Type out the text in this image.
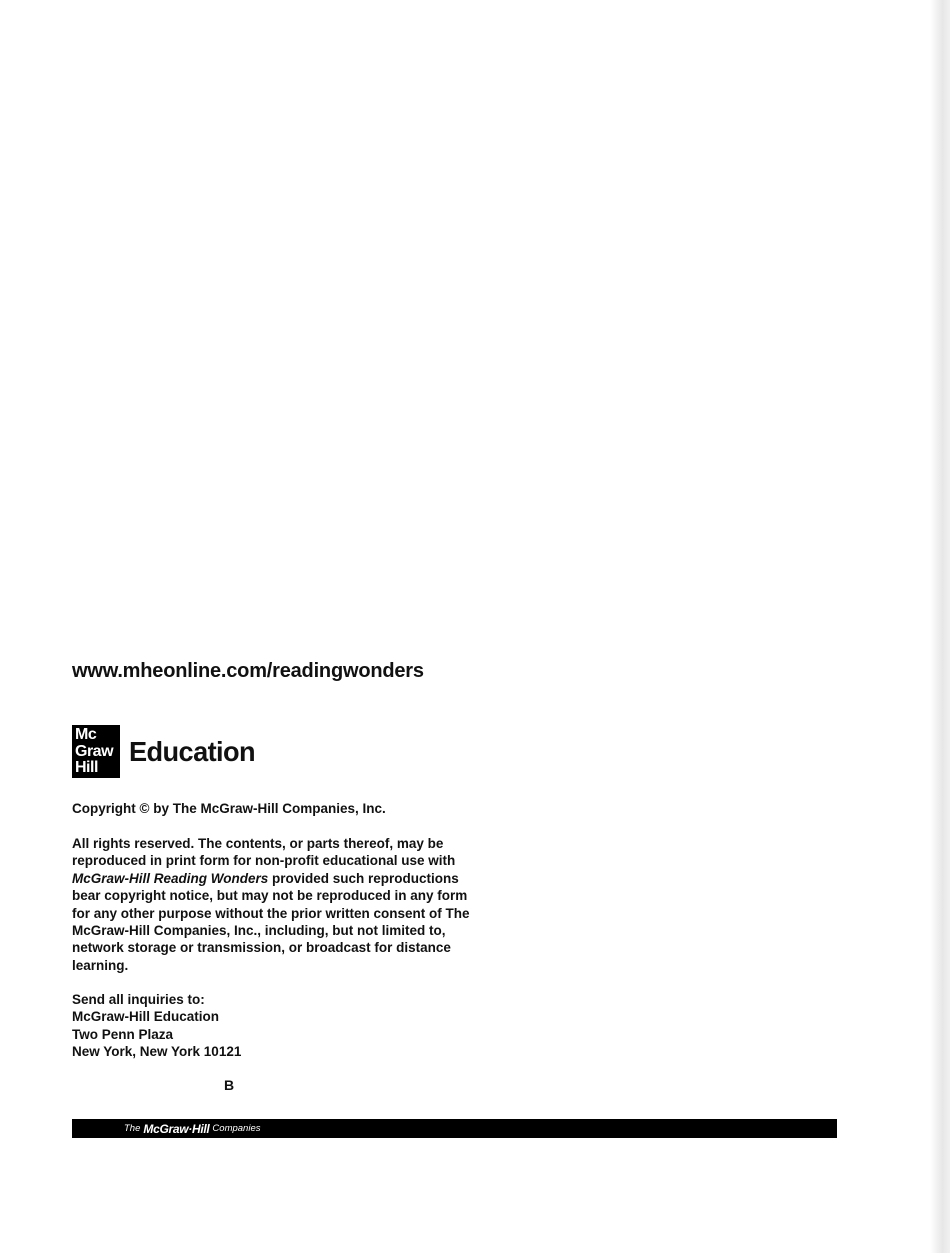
www.mheonline.com/readingwonders
Mc
Graw
Hill
Education
Copyright © by The McGraw-Hill Companies, Inc.
All rights reserved. The contents, or parts thereof, may be
reproduced in print form for non-profit educational use with
McGraw-Hill Reading Wonders provided such reproductions
bear copyright notice, but may not be reproduced in any form
for any other purpose without the prior written consent of The
McGraw-Hill Companies, Inc., including, but not limited to,
network storage or transmission, or broadcast for distance
learning.
Send all inquiries to:
McGraw-Hill Education
Two Penn Plaza
New York, New York 10121
B
The McGraw·Hill Companies
